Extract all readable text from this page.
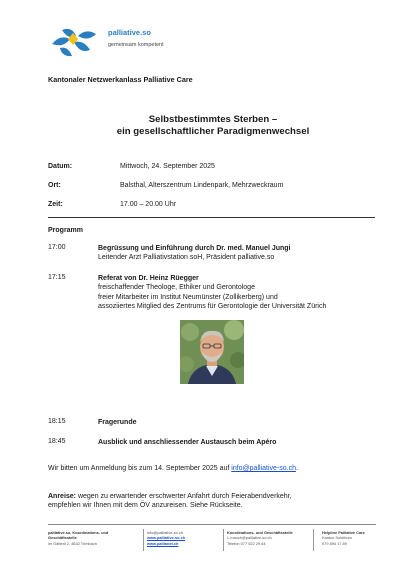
palliative.so
gemeinsam kompetent
Kantonaler Netzwerkanlass Palliative Care
Selbstbestimmtes Sterben –
ein gesellschaftlicher Paradigmenwechsel
Datum:	Mittwoch, 24. September 2025
Ort:	Balsthal, Alterszentrum Lindenpark, Mehrzweckraum
Zeit:	17.00 – 20.00 Uhr
Programm
17:00	Begrüssung und Einführung durch Dr. med. Manuel Jungi
Leitender Arzt Palliativstation soH, Präsident palliative.so
17:15	Referat von Dr. Heinz Rüegger
freischaffender Theologe, Ethiker und Gerontologe
freier Mitarbeiter im Institut Neumünster (Zollikerberg) und
assoziiertes Mitglied des Zentrums für Gerontologie der Universität Zürich
18:15	Fragerunde
18:45	Ausblick und anschliessender Austausch beim Apéro
Wir bitten um Anmeldung bis zum 14. September 2025 auf info@palliative-so.ch.
Anreise: wegen zu erwartender erschwerter Anfahrt durch Feierabendverkehr,
empfehlen wir Ihnen mit dem ÖV anzureisen. Siehe Rückseite.
palliative.so, Koordinations- und
Geschäftsstelle
im Gätterli 2, 4632 Trimbach
info@palliative-so.ch
www.palliative-so.ch
www.pallianet.ch
Koordinations- und Geschäftsstelle
L.mauch@palliative-so.ch
Telefon 077 522 29 84
Helpline Palliative Care
Kanton Solothurn
079 894 17 89
